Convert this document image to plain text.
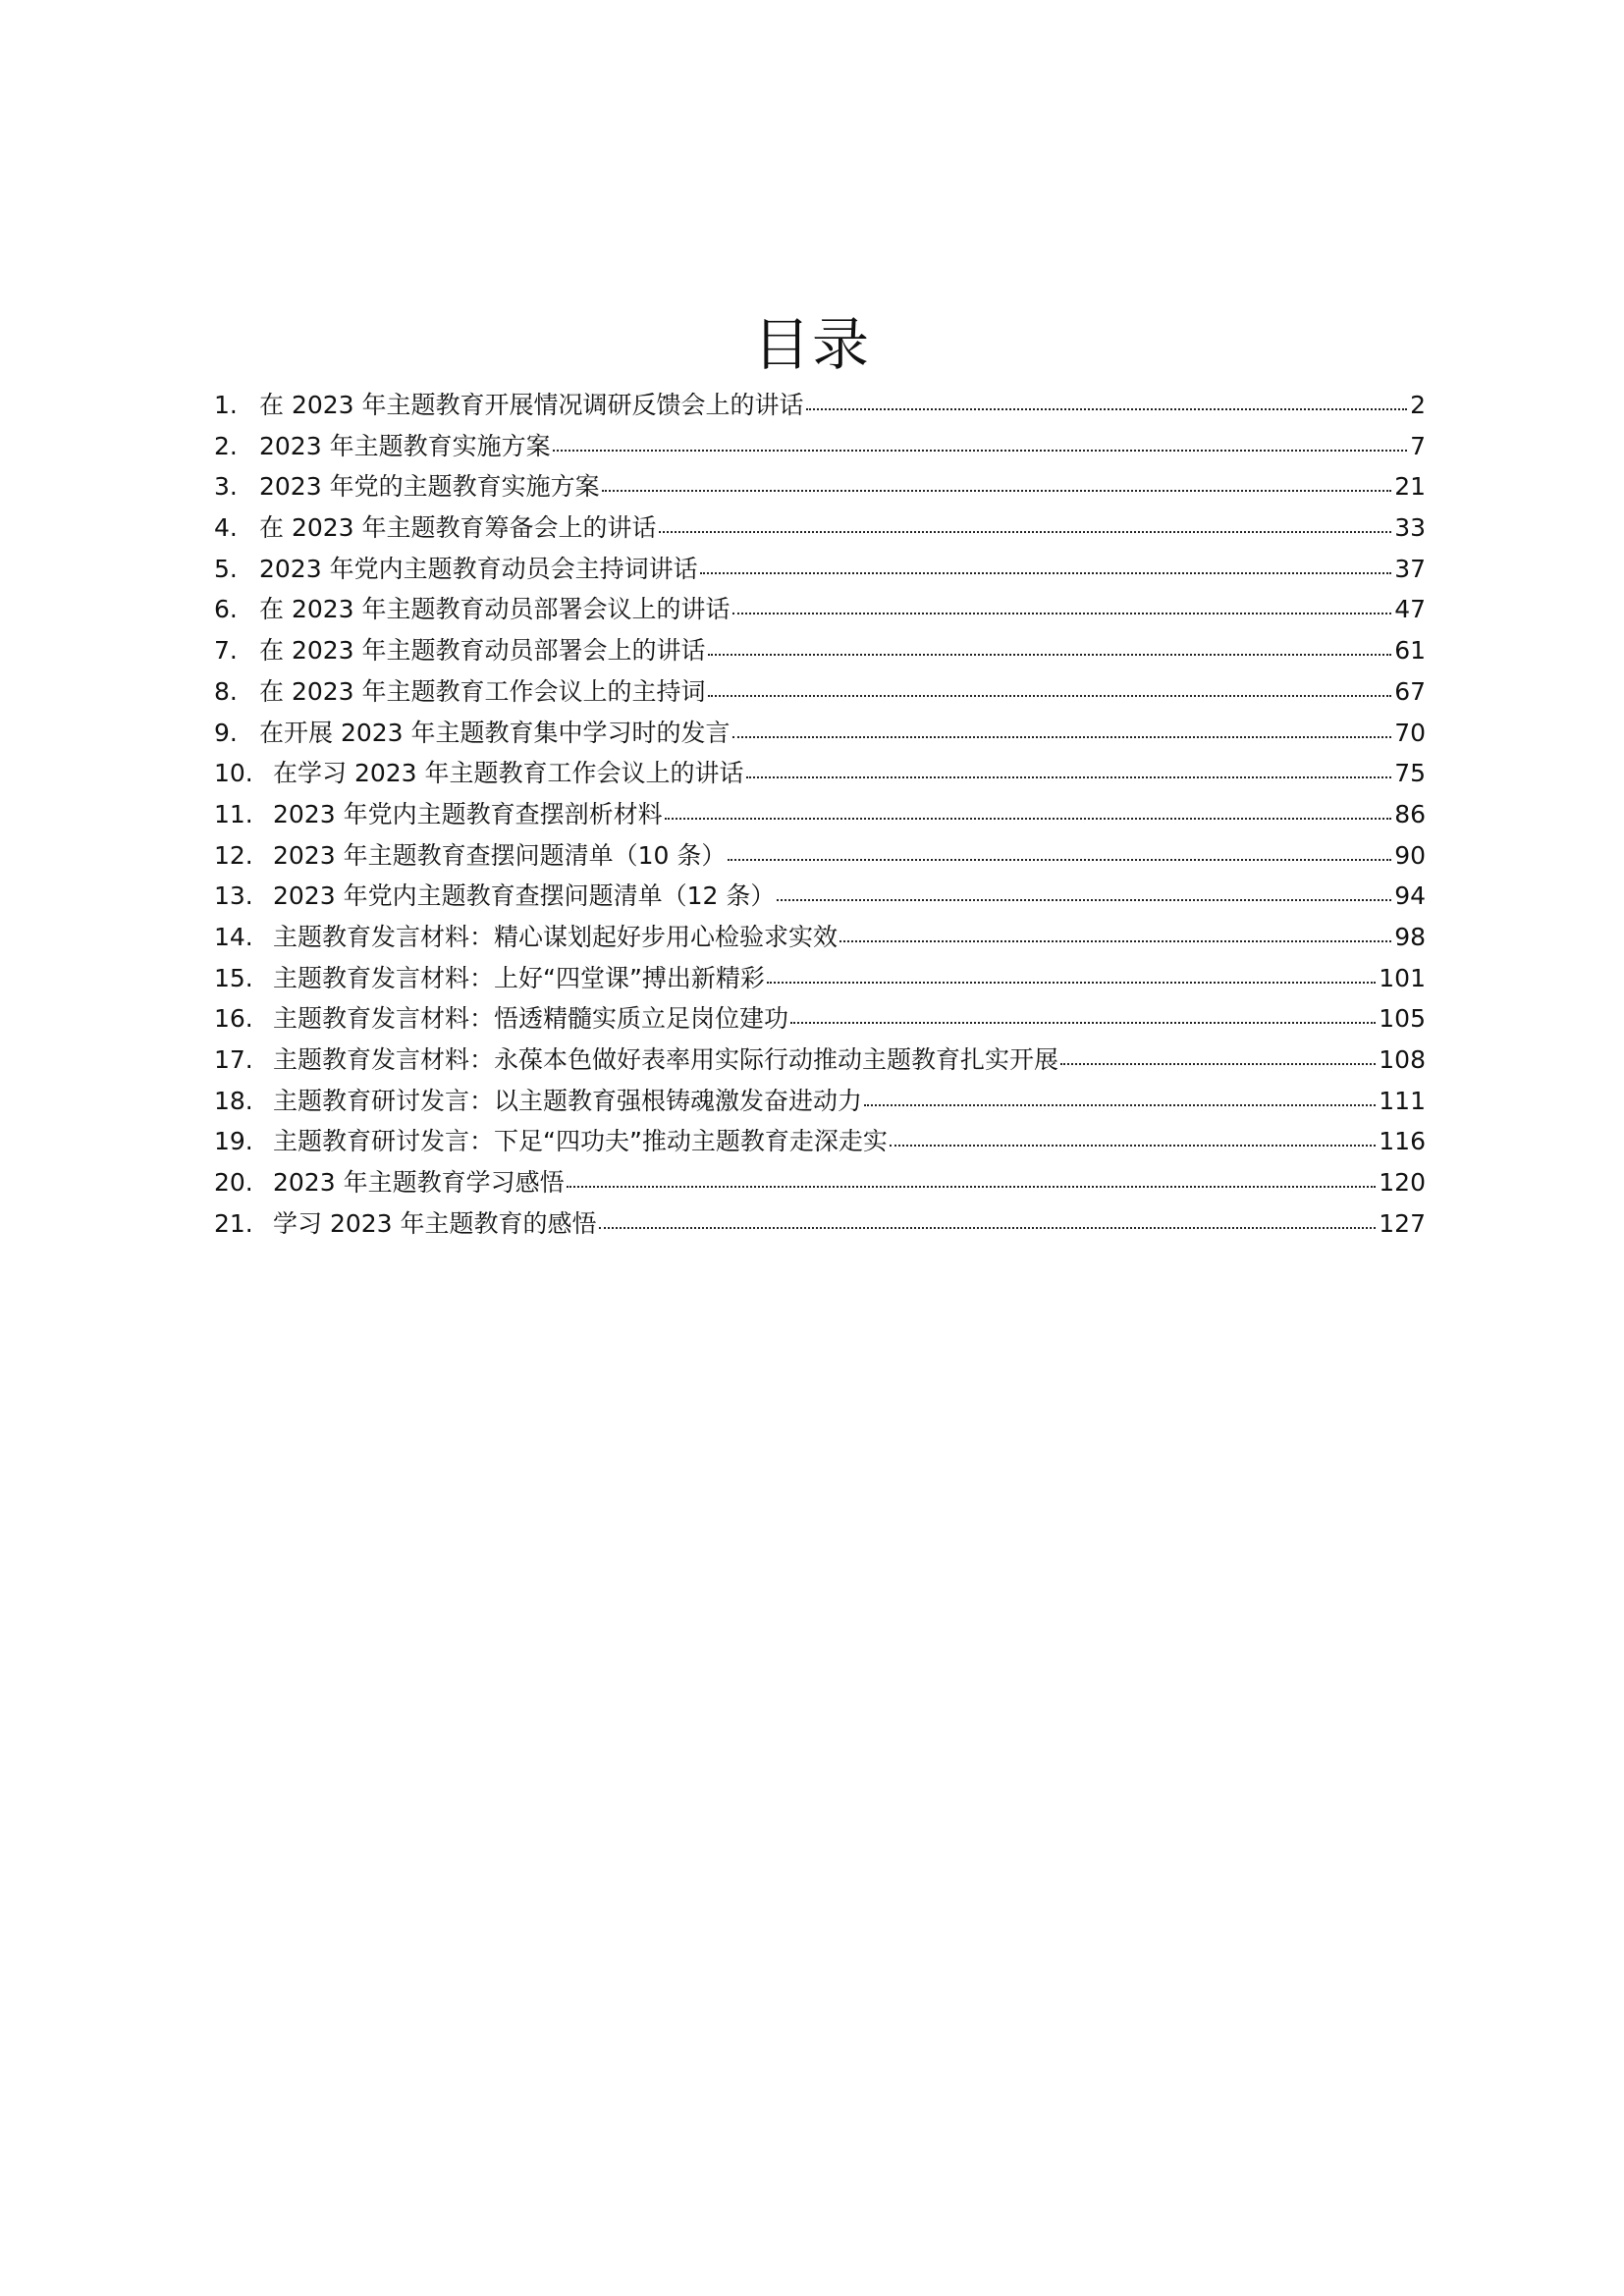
目录
1. 在 2023 年主题教育开展情况调研反馈会上的讲话	2
2. 2023 年主题教育实施方案	7
3. 2023 年党的主题教育实施方案	21
4. 在 2023 年主题教育筹备会上的讲话	33
5. 2023 年党内主题教育动员会主持词讲话	37
6. 在 2023 年主题教育动员部署会议上的讲话	47
7. 在 2023 年主题教育动员部署会上的讲话	61
8. 在 2023 年主题教育工作会议上的主持词	67
9. 在开展 2023 年主题教育集中学习时的发言	70
10. 在学习 2023 年主题教育工作会议上的讲话	75
11. 2023 年党内主题教育查摆剖析材料	86
12. 2023 年主题教育查摆问题清单（10 条）	90
13. 2023 年党内主题教育查摆问题清单（12 条）	94
14. 主题教育发言材料：精心谋划起好步用心检验求实效	98
15. 主题教育发言材料：上好“四堂课”搏出新精彩	101
16. 主题教育发言材料：悟透精髓实质立足岗位建功	105
17. 主题教育发言材料：永葆本色做好表率用实际行动推动主题教育扎实开展	108
18. 主题教育研讨发言：以主题教育强根铸魂激发奋进动力	111
19. 主题教育研讨发言：下足“四功夫”推动主题教育走深走实	116
20. 2023 年主题教育学习感悟	120
21. 学习 2023 年主题教育的感悟	127
